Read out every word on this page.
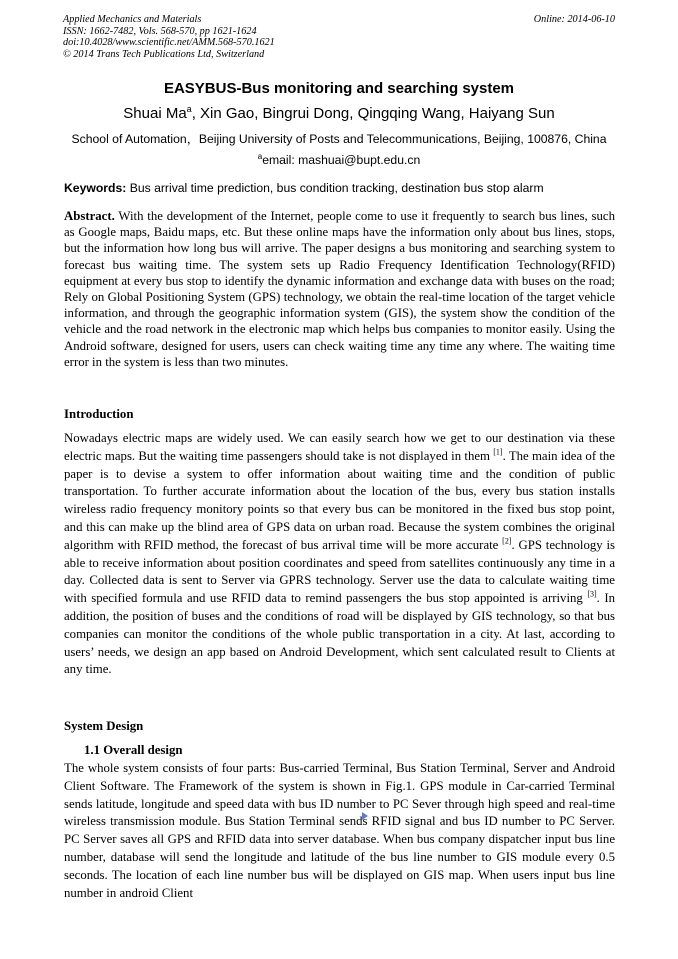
Applied Mechanics and Materials
ISSN: 1662-7482, Vols. 568-570, pp 1621-1624
doi:10.4028/www.scientific.net/AMM.568-570.1621
© 2014 Trans Tech Publications Ltd, Switzerland
Online: 2014-06-10
EASYBUS-Bus monitoring and searching system
Shuai Ma$^a$, Xin Gao, Bingrui Dong, Qingqing Wang, Haiyang Sun
School of Automation，Beijing University of Posts and Telecommunications, Beijing, 100876, China
$^a$email: mashuai@bupt.edu.cn
Keywords: Bus arrival time prediction, bus condition tracking, destination bus stop alarm
Abstract. With the development of the Internet, people come to use it frequently to search bus lines, such as Google maps, Baidu maps, etc. But these online maps have the information only about bus lines, stops, but the information how long bus will arrive. The paper designs a bus monitoring and searching system to forecast bus waiting time. The system sets up Radio Frequency Identification Technology(RFID) equipment at every bus stop to identify the dynamic information and exchange data with buses on the road; Rely on Global Positioning System (GPS) technology, we obtain the real-time location of the target vehicle information, and through the geographic information system (GIS), the system show the condition of the vehicle and the road network in the electronic map which helps bus companies to monitor easily. Using the Android software, designed for users, users can check waiting time any time any where. The waiting time error in the system is less than two minutes.
Introduction
Nowadays electric maps are widely used. We can easily search how we get to our destination via these electric maps. But the waiting time passengers should take is not displayed in them [1]. The main idea of the paper is to devise a system to offer information about waiting time and the condition of public transportation. To further accurate information about the location of the bus, every bus station installs wireless radio frequency monitory points so that every bus can be monitored in the fixed bus stop point, and this can make up the blind area of GPS data on urban road. Because the system combines the original algorithm with RFID method, the forecast of bus arrival time will be more accurate [2]. GPS technology is able to receive information about position coordinates and speed from satellites continuously any time in a day. Collected data is sent to Server via GPRS technology. Server use the data to calculate waiting time with specified formula and use RFID data to remind passengers the bus stop appointed is arriving [3]. In addition, the position of buses and the conditions of road will be displayed by GIS technology, so that bus companies can monitor the conditions of the whole public transportation in a city. At last, according to users’ needs, we design an app based on Android Development, which sent calculated result to Clients at any time.
System Design
1.1 Overall design
The whole system consists of four parts: Bus-carried Terminal, Bus Station Terminal, Server and Android Client Software. The Framework of the system is shown in Fig.1. GPS module in Car-carried Terminal sends latitude, longitude and speed data with bus ID number to PC Sever through high speed and real-time wireless transmission module. Bus Station Terminal sends RFID signal and bus ID number to PC Server. PC Server saves all GPS and RFID data into server database. When bus company dispatcher input bus line number, database will send the longitude and latitude of the bus line number to GIS module every 0.5 seconds. The location of each line number bus will be displayed on GIS map. When users input bus line number in android Client
